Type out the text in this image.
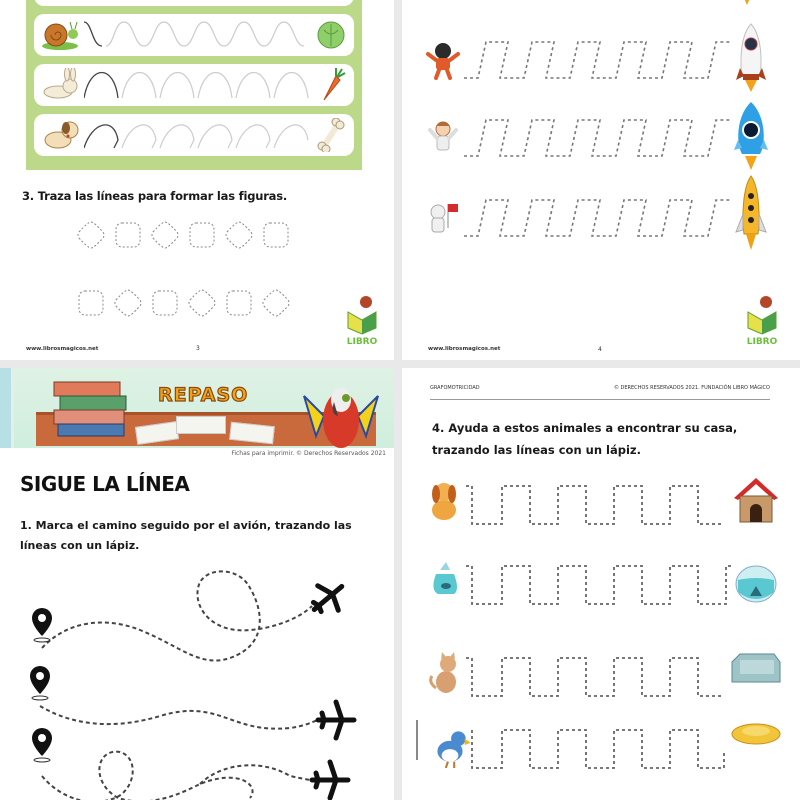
3. Traza las líneas para formar las figuras.
www.librosmagicos.net	3
LIBRO
www.librosmagicos.net	4
LIBRO
REPASO
Fichas para imprimir. © Derechos Reservados 2021
SIGUE LA LÍNEA
1. Marca el camino seguido por el avión, trazando las líneas con un lápiz.
GRAFOMOTRICIDAD	© DERECHOS RESERVADOS 2021. FUNDACIÓN LIBRO MÁGICO
4. Ayuda a estos animales a encontrar su casa, trazando las líneas con un lápiz.
